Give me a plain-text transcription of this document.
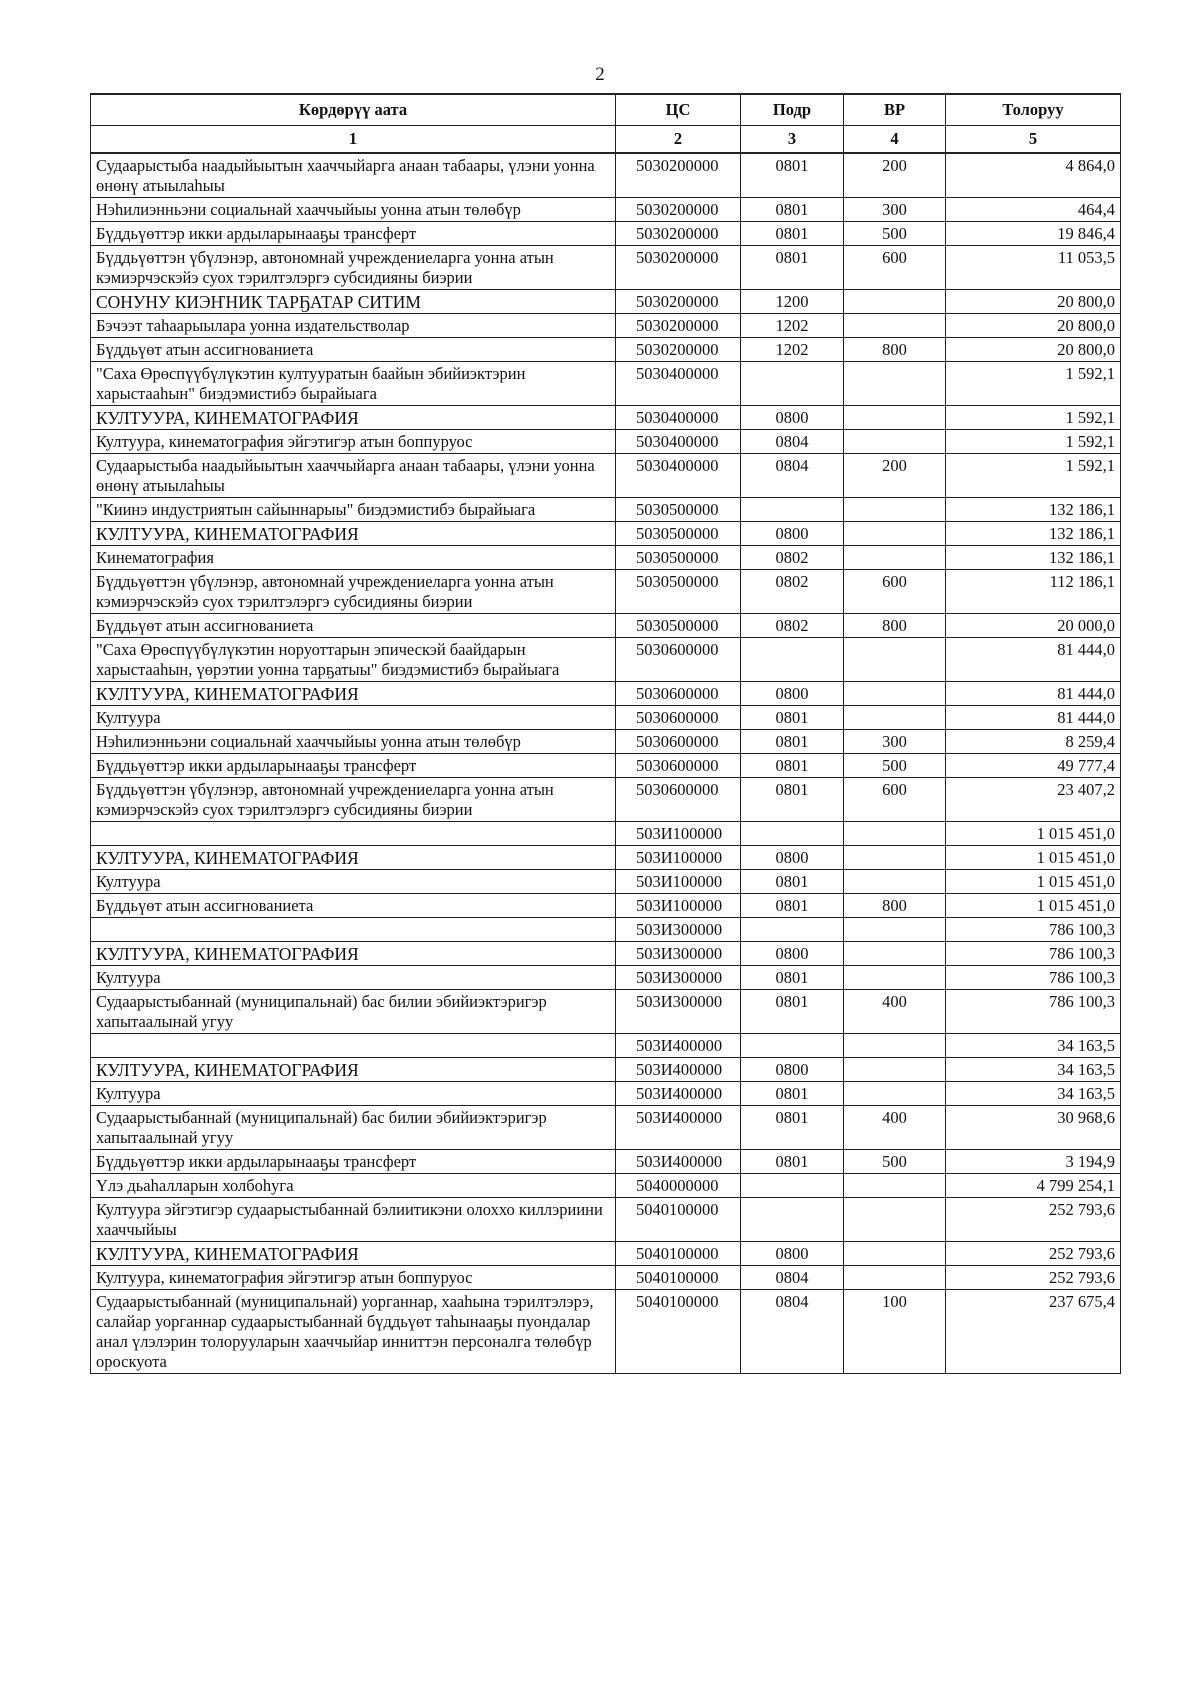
2
Көрдөрүү аата	ЦС	Подр	ВР	Толоруу
1	2	3	4	5
Судаарыстыба наадыйыытын хааччыйарга анаан табаары, үлэни уонна өнөнү атыылаһыы	5030200000	0801	200	4 864,0
Нэһилиэнньэни социальнай хааччыйыы уонна атын төлөбүр	5030200000	0801	300	464,4
Бүддьүөттэр икки ардыларынааҕы трансферт	5030200000	0801	500	19 846,4
Бүддьүөттэн үбүлэнэр, автономнай учреждениеларга уонна атын кэмиэрчэскэйэ суох тэрилтэлэргэ субсидияны биэрии	5030200000	0801	600	11 053,5
СОНУНУ КИЭҤНИК ТАРҔАТАР СИТИМ	5030200000	1200		20 800,0
Бэчээт таһаарыылара уонна издательстволар	5030200000	1202		20 800,0
Бүддьүөт атын ассигнованиета	5030200000	1202	800	20 800,0
"Саха Өрөспүүбүлүкэтин култууратын баайын эбийиэктэрин харыстааһын" биэдэмистибэ бырайыага	5030400000			1 592,1
КУЛТУУРА, КИНЕМАТОГРАФИЯ	5030400000	0800		1 592,1
Култуура, кинематография эйгэтигэр атын боппуруос	5030400000	0804		1 592,1
Судаарыстыба наадыйыытын хааччыйарга анаан табаары, үлэни уонна өнөнү атыылаһыы	5030400000	0804	200	1 592,1
"Киинэ индустриятын сайыннарыы" биэдэмистибэ бырайыага	5030500000			132 186,1
КУЛТУУРА, КИНЕМАТОГРАФИЯ	5030500000	0800		132 186,1
Кинематография	5030500000	0802		132 186,1
Бүддьүөттэн үбүлэнэр, автономнай учреждениеларга уонна атын кэмиэрчэскэйэ суох тэрилтэлэргэ субсидияны биэрии	5030500000	0802	600	112 186,1
Бүддьүөт атын ассигнованиета	5030500000	0802	800	20 000,0
"Саха Өрөспүүбүлүкэтин норуоттарын эпическэй баайдарын харыстааһын, үөрэтии уонна тарҕатыы" биэдэмистибэ бырайыага	5030600000			81 444,0
КУЛТУУРА, КИНЕМАТОГРАФИЯ	5030600000	0800		81 444,0
Култуура	5030600000	0801		81 444,0
Нэһилиэнньэни социальнай хааччыйыы уонна атын төлөбүр	5030600000	0801	300	8 259,4
Бүддьүөттэр икки ардыларынааҕы трансферт	5030600000	0801	500	49 777,4
Бүддьүөттэн үбүлэнэр, автономнай учреждениеларга уонна атын кэмиэрчэскэйэ суох тэрилтэлэргэ субсидияны биэрии	5030600000	0801	600	23 407,2
	503И100000			1 015 451,0
КУЛТУУРА, КИНЕМАТОГРАФИЯ	503И100000	0800		1 015 451,0
Култуура	503И100000	0801		1 015 451,0
Бүддьүөт атын ассигнованиета	503И100000	0801	800	1 015 451,0
	503И300000			786 100,3
КУЛТУУРА, КИНЕМАТОГРАФИЯ	503И300000	0800		786 100,3
Култуура	503И300000	0801		786 100,3
Судаарыстыбаннай (муниципальнай) бас билии эбийиэктэригэр хапытаалынай угуу	503И300000	0801	400	786 100,3
	503И400000			34 163,5
КУЛТУУРА, КИНЕМАТОГРАФИЯ	503И400000	0800		34 163,5
Култуура	503И400000	0801		34 163,5
Судаарыстыбаннай (муниципальнай) бас билии эбийиэктэригэр хапытаалынай угуу	503И400000	0801	400	30 968,6
Бүддьүөттэр икки ардыларынааҕы трансферт	503И400000	0801	500	3 194,9
Үлэ дьаһалларын холбоһуга	5040000000			4 799 254,1
Култуура эйгэтигэр судаарыстыбаннай бэлиитикэни олоххо киллэриини хааччыйыы	5040100000			252 793,6
КУЛТУУРА, КИНЕМАТОГРАФИЯ	5040100000	0800		252 793,6
Култуура, кинематография эйгэтигэр атын боппуруос	5040100000	0804		252 793,6
Судаарыстыбаннай (муниципальнай) уорганнар, хааһына тэрилтэлэрэ, салайар уорганнар судаарыстыбаннай бүддьүөт таһынааҕы пуондалар анал үлэлэрин толорууларын хааччыйар инниттэн персоналга төлөбүр ороскуота	5040100000	0804	100	237 675,4
